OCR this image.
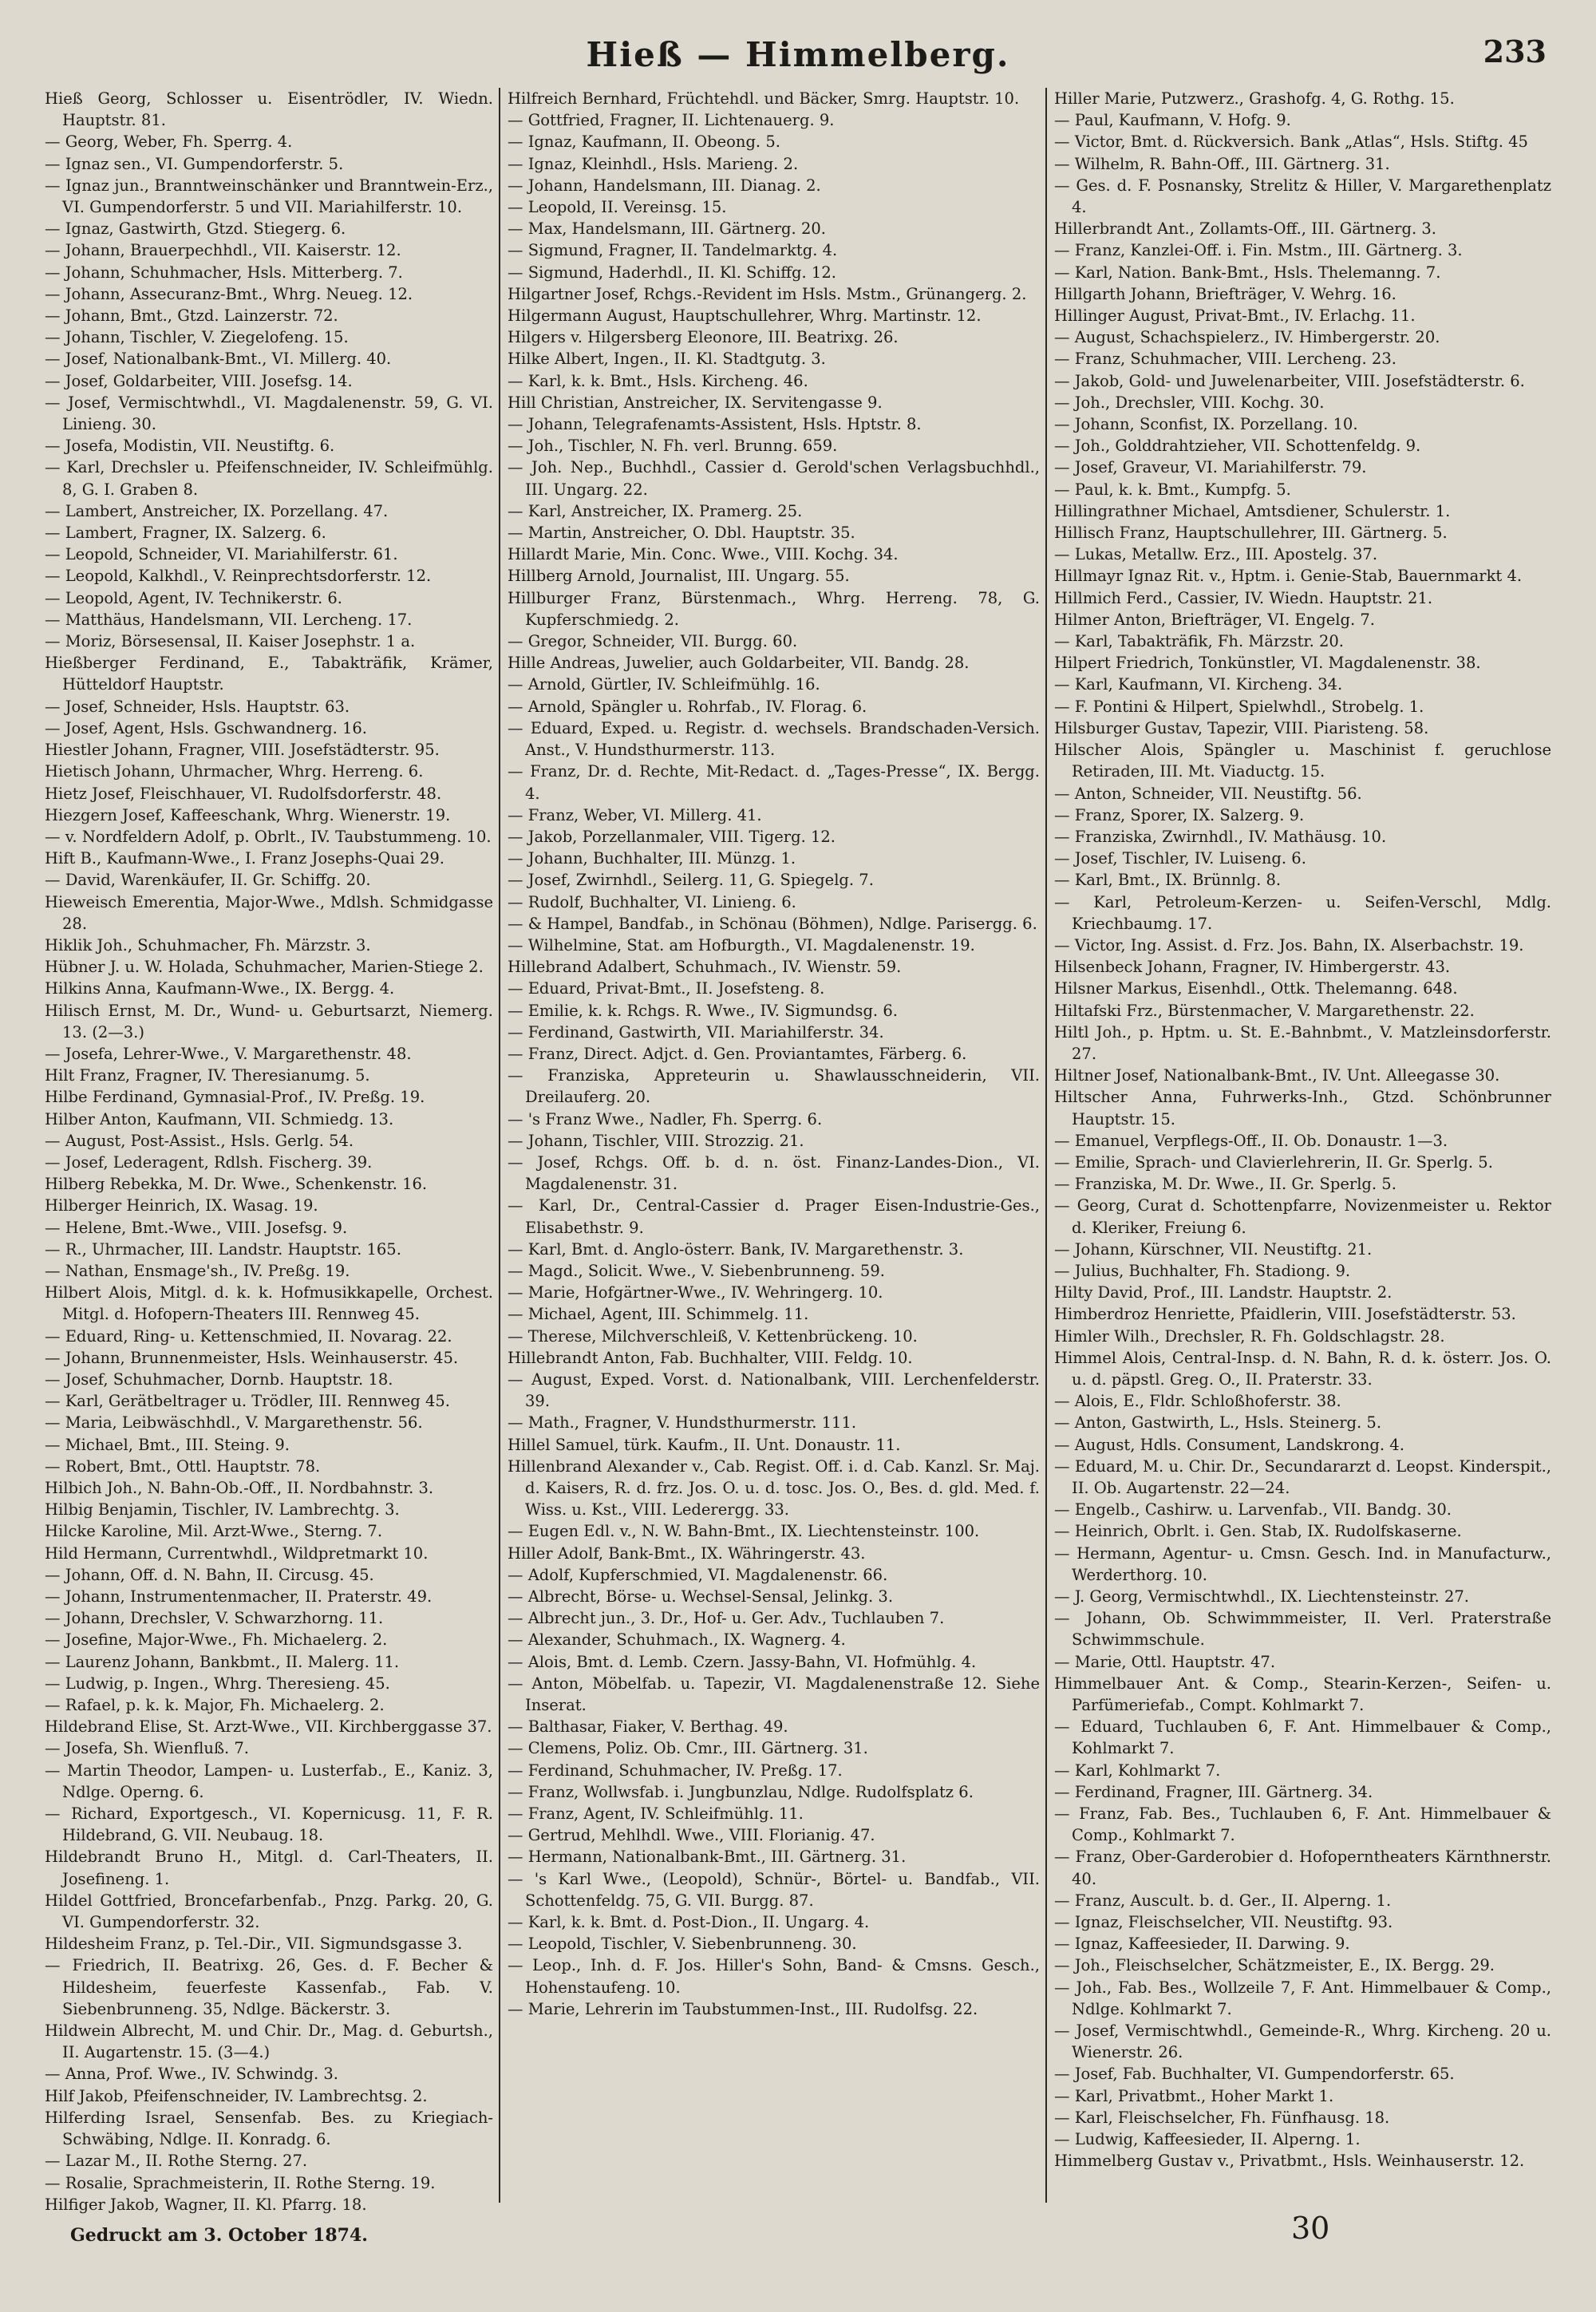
Hieß — Himmelberg.	233
Hieß Georg, Schlosser u. Eisentrödler, IV. Wiedn. Hauptstr. 81.
— Georg, Weber, Fh. Sperrg. 4.
— Ignaz sen., VI. Gumpendorferstr. 5.
— Ignaz jun., Branntweinschänker und Branntwein-Erz., VI. Gumpendorferstr. 5 und VII. Mariahilferstr. 10.
— Ignaz, Gastwirth, Gtzd. Stiegerg. 6.
— Johann, Brauerpechhdl., VII. Kaiserstr. 12.
— Johann, Schuhmacher, Hsls. Mitterberg. 7.
— Johann, Assecuranz-Bmt., Whrg. Neueg. 12.
— Johann, Bmt., Gtzd. Lainzerstr. 72.
— Johann, Tischler, V. Ziegelofeng. 15.
— Josef, Nationalbank-Bmt., VI. Millerg. 40.
— Josef, Goldarbeiter, VIII. Josefsg. 14.
— Josef, Vermischtwhdl., VI. Magdalenenstr. 59, G. VI. Linieng. 30.
— Josefa, Modistin, VII. Neustiftg. 6.
— Karl, Drechsler u. Pfeifenschneider, IV. Schleifmühlg. 8, G. I. Graben 8.
— Lambert, Anstreicher, IX. Porzellang. 47.
— Lambert, Fragner, IX. Salzerg. 6.
— Leopold, Schneider, VI. Mariahilferstr. 61.
— Leopold, Kalkhdl., V. Reinprechtsdorferstr. 12.
— Leopold, Agent, IV. Technikerstr. 6.
— Matthäus, Handelsmann, VII. Lercheng. 17.
— Moriz, Börsesensal, II. Kaiser Josephstr. 1 a.
Hießberger Ferdinand, E., Tabakträfik, Krämer, Hütteldorf Hauptstr.
— Josef, Schneider, Hsls. Hauptstr. 63.
— Josef, Agent, Hsls. Gschwandnerg. 16.
Hiestler Johann, Fragner, VIII. Josefstädterstr. 95.
Hietisch Johann, Uhrmacher, Whrg. Herreng. 6.
Hietz Josef, Fleischhauer, VI. Rudolfsdorferstr. 48.
Hiezgern Josef, Kaffeeschank, Whrg. Wienerstr. 19.
— v. Nordfeldern Adolf, p. Obrlt., IV. Taubstummeng. 10.
Hift B., Kaufmann-Wwe., I. Franz Josephs-Quai 29.
— David, Warenkäufer, II. Gr. Schiffg. 20.
Hieweisch Emerentia, Major-Wwe., Mdlsh. Schmidgasse 28.
Hiklik Joh., Schuhmacher, Fh. Märzstr. 3.
Hübner J. u. W. Holada, Schuhmacher, Marien-Stiege 2.
Hilkins Anna, Kaufmann-Wwe., IX. Bergg. 4.
Hilisch Ernst, M. Dr., Wund- u. Geburtsarzt, Niemerg. 13. (2—3.)
— Josefa, Lehrer-Wwe., V. Margarethenstr. 48.
Hilt Franz, Fragner, IV. Theresianumg. 5.
Hilbe Ferdinand, Gymnasial-Prof., IV. Preßg. 19.
Hilber Anton, Kaufmann, VII. Schmiedg. 13.
— August, Post-Assist., Hsls. Gerlg. 54.
— Josef, Lederagent, Rdlsh. Fischerg. 39.
Hilberg Rebekka, M. Dr. Wwe., Schenkenstr. 16.
Hilberger Heinrich, IX. Wasag. 19.
— Helene, Bmt.-Wwe., VIII. Josefsg. 9.
— R., Uhrmacher, III. Landstr. Hauptstr. 165.
— Nathan, Ensmage'sh., IV. Preßg. 19.
Hilbert Alois, Mitgl. d. k. k. Hofmusikkapelle, Orchest. Mitgl. d. Hofopern-Theaters III. Rennweg 45.
— Eduard, Ring- u. Kettenschmied, II. Novarag. 22.
— Johann, Brunnenmeister, Hsls. Weinhauserstr. 45.
— Josef, Schuhmacher, Dornb. Hauptstr. 18.
— Karl, Gerätbeltrager u. Trödler, III. Rennweg 45.
— Maria, Leibwäschhdl., V. Margarethenstr. 56.
— Michael, Bmt., III. Steing. 9.
— Robert, Bmt., Ottl. Hauptstr. 78.
Hilbich Joh., N. Bahn-Ob.-Off., II. Nordbahnstr. 3.
Hilbig Benjamin, Tischler, IV. Lambrechtg. 3.
Hilcke Karoline, Mil. Arzt-Wwe., Sterng. 7.
Hild Hermann, Currentwhdl., Wildpretmarkt 10.
— Johann, Off. d. N. Bahn, II. Circusg. 45.
— Johann, Instrumentenmacher, II. Praterstr. 49.
— Johann, Drechsler, V. Schwarzhorng. 11.
— Josefine, Major-Wwe., Fh. Michaelerg. 2.
— Laurenz Johann, Bankbmt., II. Malerg. 11.
— Ludwig, p. Ingen., Whrg. Theresieng. 45.
— Rafael, p. k. k. Major, Fh. Michaelerg. 2.
Hildebrand Elise, St. Arzt-Wwe., VII. Kirchberggasse 37.
— Josefa, Sh. Wienfluß. 7.
— Martin Theodor, Lampen- u. Lusterfab., E., Kaniz. 3, Ndlge. Operng. 6.
— Richard, Exportgesch., VI. Kopernicusg. 11, F. R. Hildebrand, G. VII. Neubaug. 18.
Hildebrandt Bruno H., Mitgl. d. Carl-Theaters, II. Josefineng. 1.
Hildel Gottfried, Broncefarbenfab., Pnzg. Parkg. 20, G. VI. Gumpendorferstr. 32.
Hildesheim Franz, p. Tel.-Dir., VII. Sigmundsgasse 3.
— Friedrich, II. Beatrixg. 26, Ges. d. F. Becher & Hildesheim, feuerfeste Kassenfab., Fab. V. Siebenbrunneng. 35, Ndlge. Bäckerstr. 3.
Hildwein Albrecht, M. und Chir. Dr., Mag. d. Geburtsh., II. Augartenstr. 15. (3—4.)
— Anna, Prof. Wwe., IV. Schwindg. 3.
Hilf Jakob, Pfeifenschneider, IV. Lambrechtsg. 2.
Hilferding Israel, Sensenfab. Bes. zu Kriegiach-Schwäbing, Ndlge. II. Konradg. 6.
— Lazar M., II. Rothe Sterng. 27.
— Rosalie, Sprachmeisterin, II. Rothe Sterng. 19.
Hilfiger Jakob, Wagner, II. Kl. Pfarrg. 18.
Hilfreich Bernhard, Früchtehdl. und Bäcker, Smrg. Hauptstr. 10.
— Gottfried, Fragner, II. Lichtenauerg. 9.
— Ignaz, Kaufmann, II. Obeong. 5.
— Ignaz, Kleinhdl., Hsls. Marieng. 2.
— Johann, Handelsmann, III. Dianag. 2.
— Leopold, II. Vereinsg. 15.
— Max, Handelsmann, III. Gärtnerg. 20.
— Sigmund, Fragner, II. Tandelmarktg. 4.
— Sigmund, Haderhdl., II. Kl. Schiffg. 12.
Hilgartner Josef, Rchgs.-Revident im Hsls. Mstm., Grünangerg. 2.
Hilgermann August, Hauptschullehrer, Whrg. Martinstr. 12.
Hilgers v. Hilgersberg Eleonore, III. Beatrixg. 26.
Hilke Albert, Ingen., II. Kl. Stadtgutg. 3.
— Karl, k. k. Bmt., Hsls. Kircheng. 46.
Hill Christian, Anstreicher, IX. Servitengasse 9.
— Johann, Telegrafenamts-Assistent, Hsls. Hptstr. 8.
— Joh., Tischler, N. Fh. verl. Brunng. 659.
— Joh. Nep., Buchhdl., Cassier d. Gerold'schen Verlagsbuchhdl., III. Ungarg. 22.
— Karl, Anstreicher, IX. Pramerg. 25.
— Martin, Anstreicher, O. Dbl. Hauptstr. 35.
Hillardt Marie, Min. Conc. Wwe., VIII. Kochg. 34.
Hillberg Arnold, Journalist, III. Ungarg. 55.
Hillburger Franz, Bürstenmach., Whrg. Herreng. 78, G. Kupferschmiedg. 2.
— Gregor, Schneider, VII. Burgg. 60.
Hille Andreas, Juwelier, auch Goldarbeiter, VII. Bandg. 28.
— Arnold, Gürtler, IV. Schleifmühlg. 16.
— Arnold, Spängler u. Rohrfab., IV. Florag. 6.
— Eduard, Exped. u. Registr. d. wechsels. Brandschaden-Versich. Anst., V. Hundsthurmerstr. 113.
— Franz, Dr. d. Rechte, Mit-Redact. d. „Tages-Presse“, IX. Bergg. 4.
— Franz, Weber, VI. Millerg. 41.
— Jakob, Porzellanmaler, VIII. Tigerg. 12.
— Johann, Buchhalter, III. Münzg. 1.
— Josef, Zwirnhdl., Seilerg. 11, G. Spiegelg. 7.
— Rudolf, Buchhalter, VI. Linieng. 6.
— & Hampel, Bandfab., in Schönau (Böhmen), Ndlge. Parisergg. 6.
— Wilhelmine, Stat. am Hofburgth., VI. Magdalenenstr. 19.
Hillebrand Adalbert, Schuhmach., IV. Wienstr. 59.
— Eduard, Privat-Bmt., II. Josefsteng. 8.
— Emilie, k. k. Rchgs. R. Wwe., IV. Sigmundsg. 6.
— Ferdinand, Gastwirth, VII. Mariahilferstr. 34.
— Franz, Direct. Adjct. d. Gen. Proviantamtes, Färberg. 6.
— Franziska, Appreteurin u. Shawlausschneiderin, VII. Dreilauferg. 20.
— 's Franz Wwe., Nadler, Fh. Sperrg. 6.
— Johann, Tischler, VIII. Strozzig. 21.
— Josef, Rchgs. Off. b. d. n. öst. Finanz-Landes-Dion., VI. Magdalenenstr. 31.
— Karl, Dr., Central-Cassier d. Prager Eisen-Industrie-Ges., Elisabethstr. 9.
— Karl, Bmt. d. Anglo-österr. Bank, IV. Margarethenstr. 3.
— Magd., Solicit. Wwe., V. Siebenbrunneng. 59.
— Marie, Hofgärtner-Wwe., IV. Wehringerg. 10.
— Michael, Agent, III. Schimmelg. 11.
— Therese, Milchverschleiß, V. Kettenbrückeng. 10.
Hillebrandt Anton, Fab. Buchhalter, VIII. Feldg. 10.
— August, Exped. Vorst. d. Nationalbank, VIII. Lerchenfelderstr. 39.
— Math., Fragner, V. Hundsthurmerstr. 111.
Hillel Samuel, türk. Kaufm., II. Unt. Donaustr. 11.
Hillenbrand Alexander v., Cab. Regist. Off. i. d. Cab. Kanzl. Sr. Maj. d. Kaisers, R. d. frz. Jos. O. u. d. tosc. Jos. O., Bes. d. gld. Med. f. Wiss. u. Kst., VIII. Lederergg. 33.
— Eugen Edl. v., N. W. Bahn-Bmt., IX. Liechtensteinstr. 100.
Hiller Adolf, Bank-Bmt., IX. Währingerstr. 43.
— Adolf, Kupferschmied, VI. Magdalenenstr. 66.
— Albrecht, Börse- u. Wechsel-Sensal, Jelinkg. 3.
— Albrecht jun., 3. Dr., Hof- u. Ger. Adv., Tuchlauben 7.
— Alexander, Schuhmach., IX. Wagnerg. 4.
— Alois, Bmt. d. Lemb. Czern. Jassy-Bahn, VI. Hofmühlg. 4.
— Anton, Möbelfab. u. Tapezir, VI. Magdalenenstraße 12. Siehe Inserat.
— Balthasar, Fiaker, V. Berthag. 49.
— Clemens, Poliz. Ob. Cmr., III. Gärtnerg. 31.
— Ferdinand, Schuhmacher, IV. Preßg. 17.
— Franz, Wollwsfab. i. Jungbunzlau, Ndlge. Rudolfsplatz 6.
— Franz, Agent, IV. Schleifmühlg. 11.
— Gertrud, Mehlhdl. Wwe., VIII. Florianig. 47.
— Hermann, Nationalbank-Bmt., III. Gärtnerg. 31.
— 's Karl Wwe., (Leopold), Schnür-, Börtel- u. Bandfab., VII. Schottenfeldg. 75, G. VII. Burgg. 87.
— Karl, k. k. Bmt. d. Post-Dion., II. Ungarg. 4.
— Leopold, Tischler, V. Siebenbrunneng. 30.
— Leop., Inh. d. F. Jos. Hiller's Sohn, Band- & Cmsns. Gesch., Hohenstaufeng. 10.
— Marie, Lehrerin im Taubstummen-Inst., III. Rudolfsg. 22.
Hiller Marie, Putzwerz., Grashofg. 4, G. Rothg. 15.
— Paul, Kaufmann, V. Hofg. 9.
— Victor, Bmt. d. Rückversich. Bank „Atlas“, Hsls. Stiftg. 45
— Wilhelm, R. Bahn-Off., III. Gärtnerg. 31.
— Ges. d. F. Posnansky, Strelitz & Hiller, V. Margarethenplatz 4.
Hillerbrandt Ant., Zollamts-Off., III. Gärtnerg. 3.
— Franz, Kanzlei-Off. i. Fin. Mstm., III. Gärtnerg. 3.
— Karl, Nation. Bank-Bmt., Hsls. Thelemanng. 7.
Hillgarth Johann, Briefträger, V. Wehrg. 16.
Hillinger August, Privat-Bmt., IV. Erlachg. 11.
— August, Schachspielerz., IV. Himbergerstr. 20.
— Franz, Schuhmacher, VIII. Lercheng. 23.
— Jakob, Gold- und Juwelenarbeiter, VIII. Josefstädterstr. 6.
— Joh., Drechsler, VIII. Kochg. 30.
— Johann, Sconfist, IX. Porzellang. 10.
— Joh., Golddrahtzieher, VII. Schottenfeldg. 9.
— Josef, Graveur, VI. Mariahilferstr. 79.
— Paul, k. k. Bmt., Kumpfg. 5.
Hillingrathner Michael, Amtsdiener, Schulerstr. 1.
Hillisch Franz, Hauptschullehrer, III. Gärtnerg. 5.
— Lukas, Metallw. Erz., III. Apostelg. 37.
Hillmayr Ignaz Rit. v., Hptm. i. Genie-Stab, Bauernmarkt 4.
Hillmich Ferd., Cassier, IV. Wiedn. Hauptstr. 21.
Hilmer Anton, Briefträger, VI. Engelg. 7.
— Karl, Tabakträfik, Fh. Märzstr. 20.
Hilpert Friedrich, Tonkünstler, VI. Magdalenenstr. 38.
— Karl, Kaufmann, VI. Kircheng. 34.
— F. Pontini & Hilpert, Spielwhdl., Strobelg. 1.
Hilsburger Gustav, Tapezir, VIII. Piaristeng. 58.
Hilscher Alois, Spängler u. Maschinist f. geruchlose Retiraden, III. Mt. Viaductg. 15.
— Anton, Schneider, VII. Neustiftg. 56.
— Franz, Sporer, IX. Salzerg. 9.
— Franziska, Zwirnhdl., IV. Mathäusg. 10.
— Josef, Tischler, IV. Luiseng. 6.
— Karl, Bmt., IX. Brünnlg. 8.
— Karl, Petroleum-Kerzen- u. Seifen-Verschl, Mdlg. Kriechbaumg. 17.
— Victor, Ing. Assist. d. Frz. Jos. Bahn, IX. Alserbachstr. 19.
Hilsenbeck Johann, Fragner, IV. Himbergerstr. 43.
Hilsner Markus, Eisenhdl., Ottk. Thelemanng. 648.
Hiltafski Frz., Bürstenmacher, V. Margarethenstr. 22.
Hiltl Joh., p. Hptm. u. St. E.-Bahnbmt., V. Matzleinsdorferstr. 27.
Hiltner Josef, Nationalbank-Bmt., IV. Unt. Alleegasse 30.
Hiltscher Anna, Fuhrwerks-Inh., Gtzd. Schönbrunner Hauptstr. 15.
— Emanuel, Verpflegs-Off., II. Ob. Donaustr. 1—3.
— Emilie, Sprach- und Clavierlehrerin, II. Gr. Sperlg. 5.
— Franziska, M. Dr. Wwe., II. Gr. Sperlg. 5.
— Georg, Curat d. Schottenpfarre, Novizenmeister u. Rektor d. Kleriker, Freiung 6.
— Johann, Kürschner, VII. Neustiftg. 21.
— Julius, Buchhalter, Fh. Stadiong. 9.
Hilty David, Prof., III. Landstr. Hauptstr. 2.
Himberdroz Henriette, Pfaidlerin, VIII. Josefstädterstr. 53.
Himler Wilh., Drechsler, R. Fh. Goldschlagstr. 28.
Himmel Alois, Central-Insp. d. N. Bahn, R. d. k. österr. Jos. O. u. d. päpstl. Greg. O., II. Praterstr. 33.
— Alois, E., Fldr. Schloßhoferstr. 38.
— Anton, Gastwirth, L., Hsls. Steinerg. 5.
— August, Hdls. Consument, Landskrong. 4.
— Eduard, M. u. Chir. Dr., Secundararzt d. Leopst. Kinderspit., II. Ob. Augartenstr. 22—24.
— Engelb., Cashirw. u. Larvenfab., VII. Bandg. 30.
— Heinrich, Obrlt. i. Gen. Stab, IX. Rudolfskaserne.
— Hermann, Agentur- u. Cmsn. Gesch. Ind. in Manufacturw., Werderthorg. 10.
— J. Georg, Vermischtwhdl., IX. Liechtensteinstr. 27.
— Johann, Ob. Schwimmmeister, II. Verl. Praterstraße Schwimmschule.
— Marie, Ottl. Hauptstr. 47.
Himmelbauer Ant. & Comp., Stearin-Kerzen-, Seifen- u. Parfümeriefab., Compt. Kohlmarkt 7.
— Eduard, Tuchlauben 6, F. Ant. Himmelbauer & Comp., Kohlmarkt 7.
— Karl, Kohlmarkt 7.
— Ferdinand, Fragner, III. Gärtnerg. 34.
— Franz, Fab. Bes., Tuchlauben 6, F. Ant. Himmelbauer & Comp., Kohlmarkt 7.
— Franz, Ober-Garderobier d. Hofoperntheaters Kärnthnerstr. 40.
— Franz, Auscult. b. d. Ger., II. Alperng. 1.
— Ignaz, Fleischselcher, VII. Neustiftg. 93.
— Ignaz, Kaffeesieder, II. Darwing. 9.
— Joh., Fleischselcher, Schätzmeister, E., IX. Bergg. 29.
— Joh., Fab. Bes., Wollzeile 7, F. Ant. Himmelbauer & Comp., Ndlge. Kohlmarkt 7.
— Josef, Vermischtwhdl., Gemeinde-R., Whrg. Kircheng. 20 u. Wienerstr. 26.
— Josef, Fab. Buchhalter, VI. Gumpendorferstr. 65.
— Karl, Privatbmt., Hoher Markt 1.
— Karl, Fleischselcher, Fh. Fünfhausg. 18.
— Ludwig, Kaffeesieder, II. Alperng. 1.
Himmelberg Gustav v., Privatbmt., Hsls. Weinhauserstr. 12.
Gedruckt am 3. October 1874.	30
